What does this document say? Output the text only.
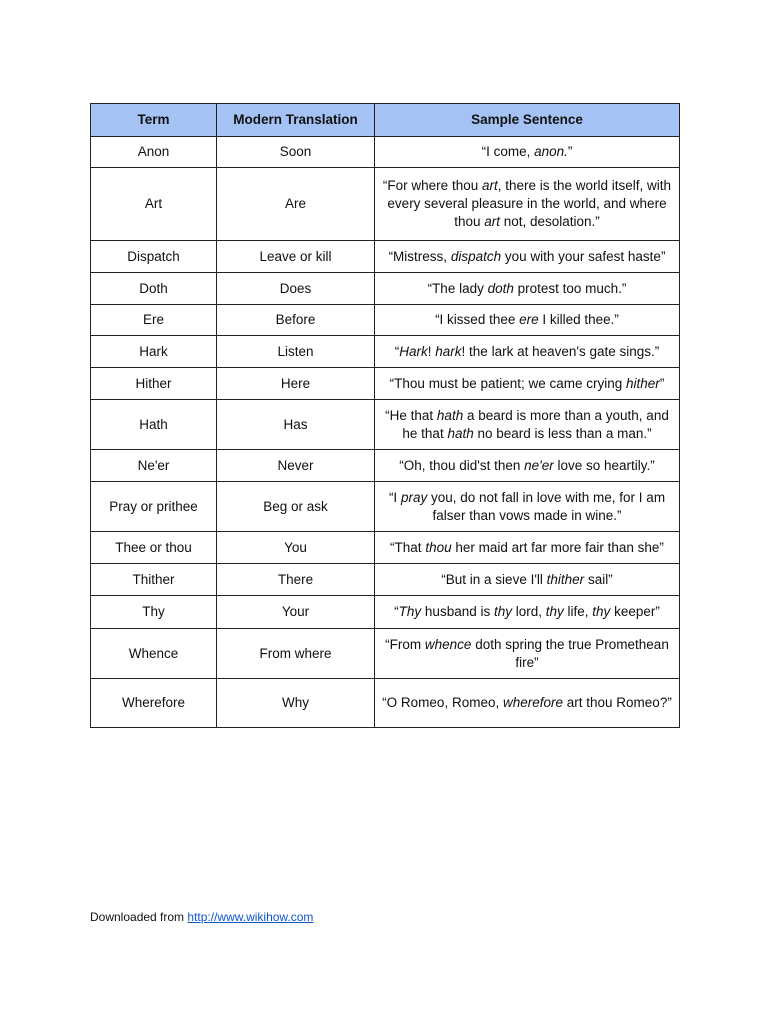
Term	Modern Translation	Sample Sentence
Anon	Soon	“I come, anon.”
Art	Are	“For where thou art, there is the world itself, with every several pleasure in the world, and where thou art not, desolation.”
Dispatch	Leave or kill	“Mistress, dispatch you with your safest haste”
Doth	Does	“The lady doth protest too much.”
Ere	Before	“I kissed thee ere I killed thee.”
Hark	Listen	“Hark! hark! the lark at heaven's gate sings.”
Hither	Here	“Thou must be patient; we came crying hither”
Hath	Has	“He that hath a beard is more than a youth, and he that hath no beard is less than a man.”
Ne'er	Never	“Oh, thou did'st then ne'er love so heartily.”
Pray or prithee	Beg or ask	“I pray you, do not fall in love with me, for I am falser than vows made in wine.”
Thee or thou	You	“That thou her maid art far more fair than she”
Thither	There	“But in a sieve I'll thither sail”
Thy	Your	“Thy husband is thy lord, thy life, thy keeper”
Whence	From where	“From whence doth spring the true Promethean fire”
Wherefore	Why	“O Romeo, Romeo, wherefore art thou Romeo?”
Downloaded from http://www.wikihow.com
